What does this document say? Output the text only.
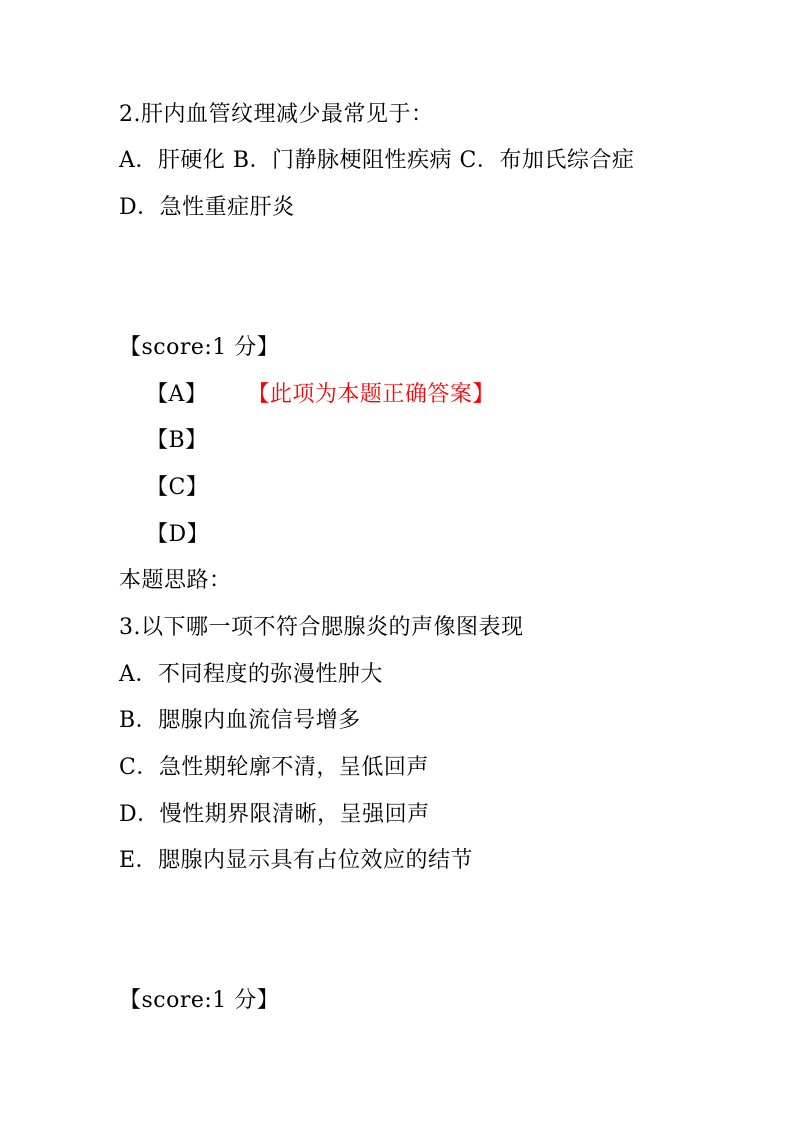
2.肝内血管纹理减少最常见于：
A．肝硬化 B．门静脉梗阻性疾病 C．布加氏综合症
D．急性重症肝炎
【score:1 分】
【A】 【此项为本题正确答案】
【B】
【C】
【D】
本题思路：
3.以下哪一项不符合腮腺炎的声像图表现
A．不同程度的弥漫性肿大
B．腮腺内血流信号增多
C．急性期轮廓不清，呈低回声
D．慢性期界限清晰，呈强回声
E．腮腺内显示具有占位效应的结节
【score:1 分】
